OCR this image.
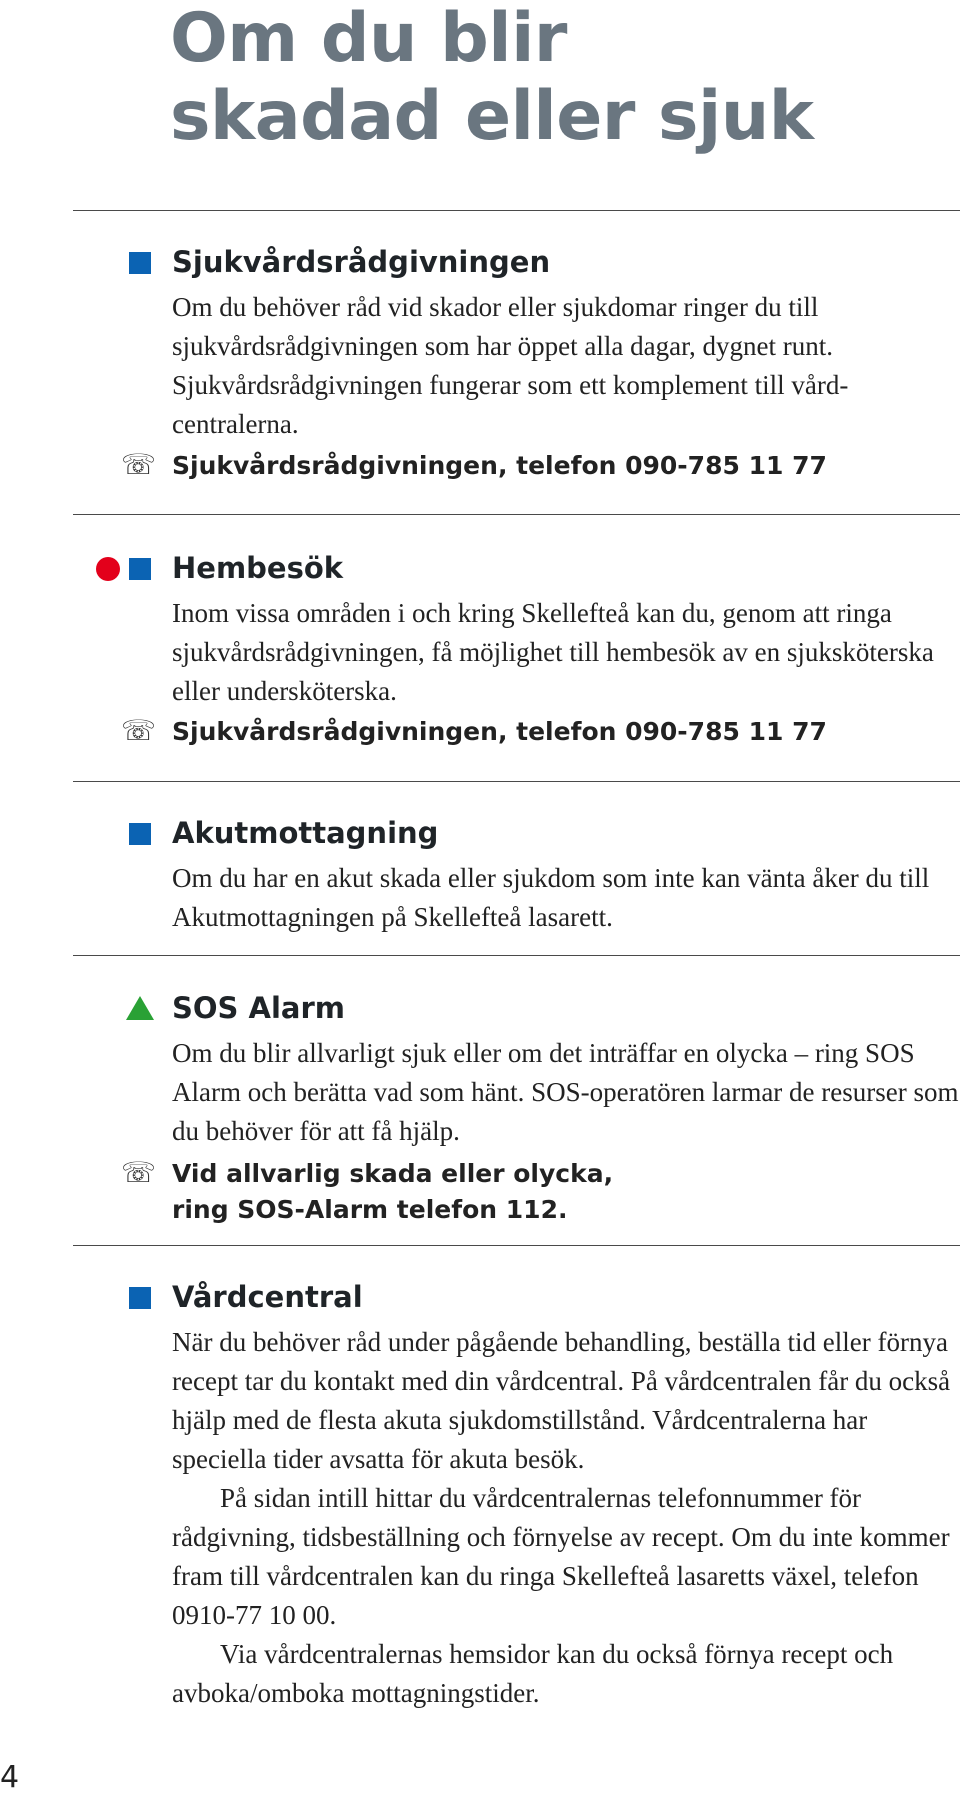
Om du blir
skadad eller sjuk
Sjukvårdsrådgivningen

Om du behöver råd vid skador eller sjukdomar ringer du till sjukvårdsrådgivningen som har öppet alla dagar, dygnet runt. Sjukvårdsrådgivningen fungerar som ett komplement till vårdcentralerna.

☏ Sjukvårdsrådgivningen, telefon 090-785 11 77

Hembesök

Inom vissa områden i och kring Skellefteå kan du, genom att ringa sjukvårdsrådgivningen, få möjlighet till hembesök av en sjuksköterska eller undersköterska.

☏ Sjukvårdsrådgivningen, telefon 090-785 11 77

Akutmottagning

Om du har en akut skada eller sjukdom som inte kan vänta åker du till Akutmottagningen på Skellefteå lasarett.

SOS Alarm

Om du blir allvarligt sjuk eller om det inträffar en olycka – ring SOS Alarm och berätta vad som hänt. SOS-operatören larmar de resurser som du behöver för att få hjälp.

☏ Vid allvarlig skada eller olycka,
ring SOS-Alarm telefon 112.

Vårdcentral

När du behöver råd under pågående behandling, beställa tid eller förnya recept tar du kontakt med din vårdcentral. På vårdcentralen får du också hjälp med de flesta akuta sjukdomstillstånd. Vårdcentralerna har speciella tider avsatta för akuta besök.

På sidan intill hittar du vårdcentralernas telefonnummer för rådgivning, tidsbeställning och förnyelse av recept. Om du inte kommer fram till vårdcentralen kan du ringa Skellefteå lasaretts växel, telefon 0910-77 10 00.

Via vårdcentralernas hemsidor kan du också förnya recept och avboka/omboka mottagningstider.

4
